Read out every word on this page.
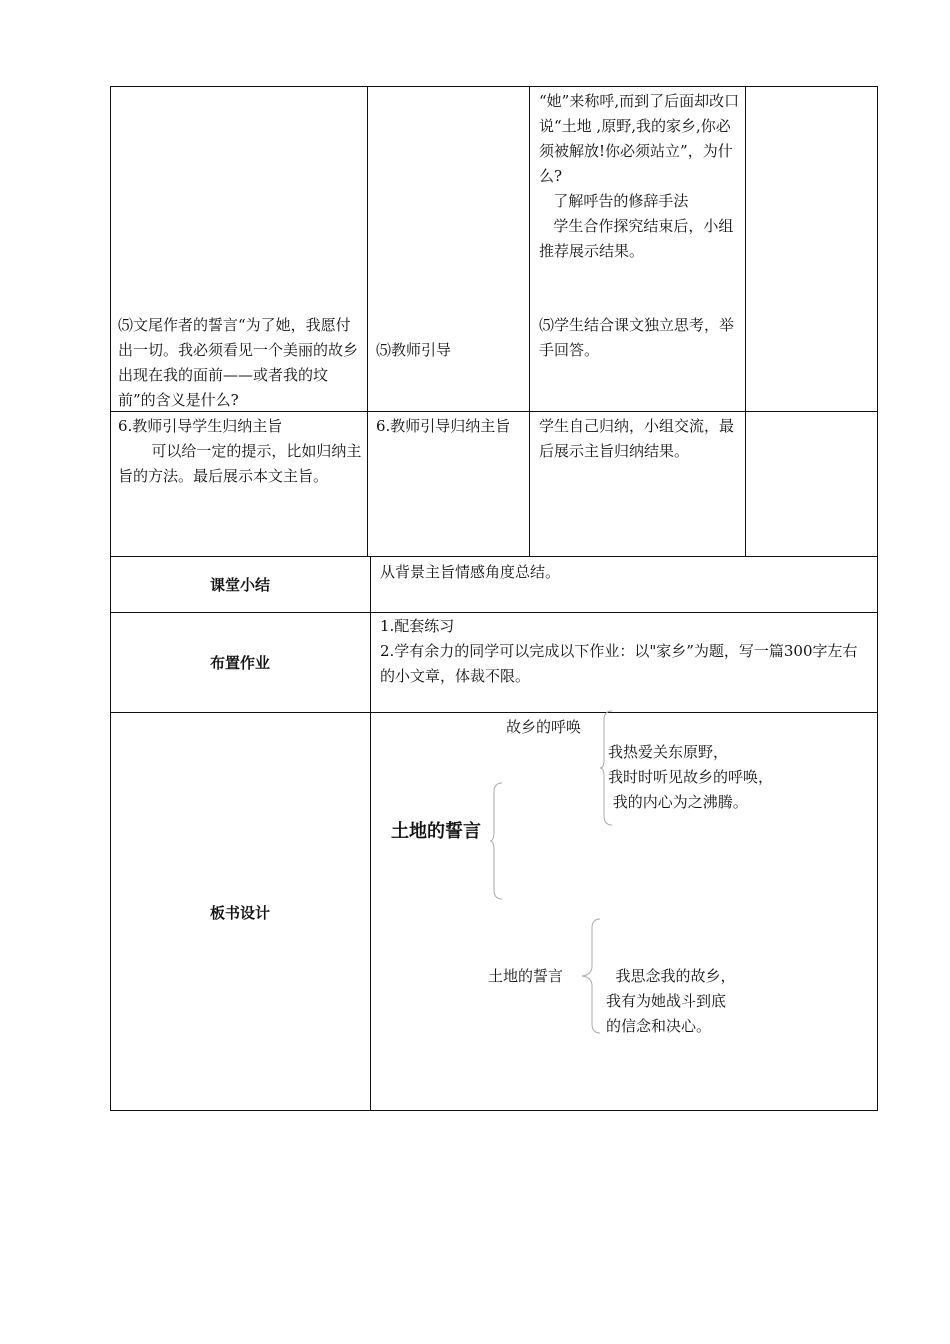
⑸文尾作者的誓言“为了她，我愿付出一切。我必须看见一个美丽的故乡出现在我的面前——或者我的坟前”的含义是什么?
⑸教师引导
“她”来称呼,而到了后面却改口说“土地 ,原野,我的家乡,你必须被解放!你必须站立”，为什么?
了解呼告的修辞手法
学生合作探究结束后，小组推荐展示结果。
⑸学生结合课文独立思考，举手回答。
6.教师引导学生归纳主旨
可以给一定的提示，比如归纳主旨的方法。最后展示本文主旨。
6.教师引导归纳主旨	学生自己归纳，小组交流，最后展示主旨归纳结果。
课堂小结
从背景主旨情感角度总结。
布置作业
1.配套练习
2.学有余力的同学可以完成以下作业：以"家乡”为题，写一篇300字左右的小文章，体裁不限。
板书设计
土地的誓言
故乡的呼唤
我热爱关东原野，
我时时听见故乡的呼唤，
我的内心为之沸腾。
土地的誓言	我思念我的故乡，
我有为她战斗到底
的信念和决心。
